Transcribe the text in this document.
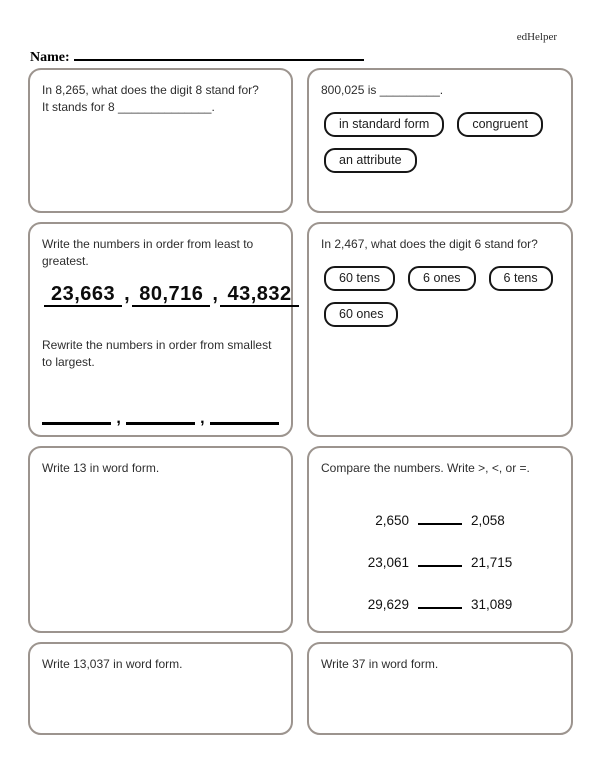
edHelper
Name:
In 8,265, what does the digit 8 stand for?
It stands for 8 ______________.
800,025 is _________.
in standard form	congruent
an attribute
Write the numbers in order from least to greatest.
23,663 , 80,716 , 43,832
Rewrite the numbers in order from smallest to largest.
,	,
In 2,467, what does the digit 6 stand for?
60 tens	6 ones	6 tens
60 ones
Write 13 in word form.	Compare the numbers. Write >, <, or =.
2,650	2,058
23,061	21,715
29,629	31,089
Write 13,037 in word form.	Write 37 in word form.
